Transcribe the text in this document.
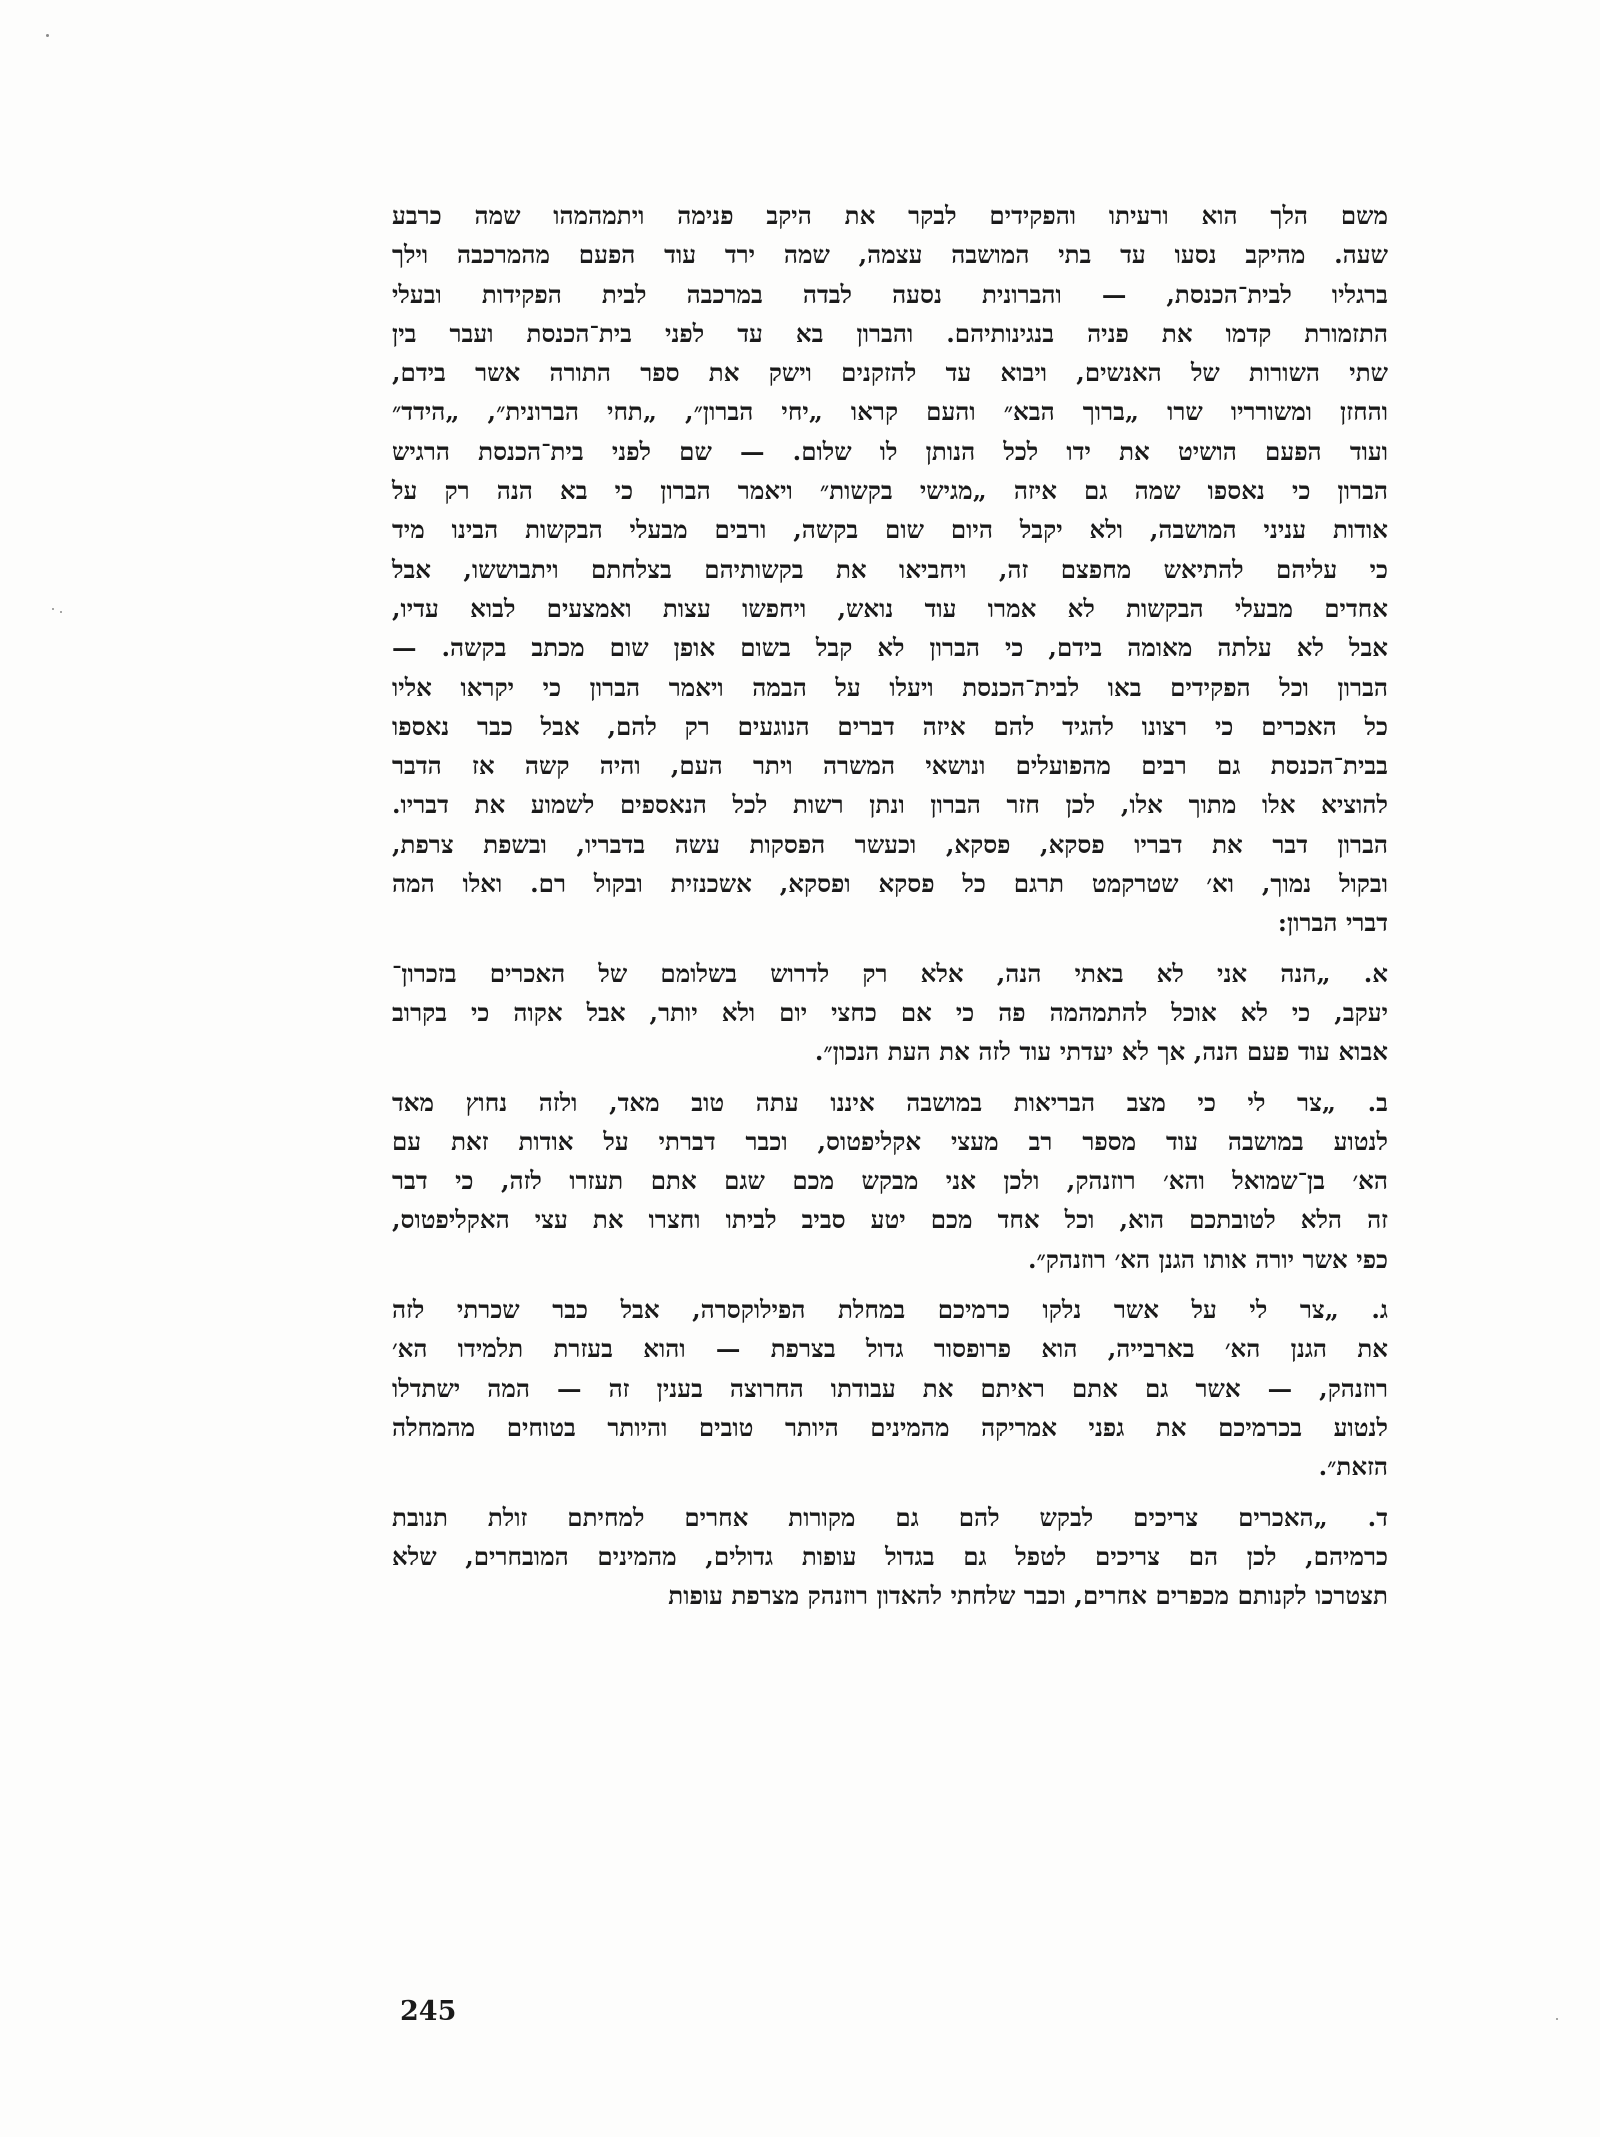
משם הלך הוא ורעיתו והפקידים לבקר את היקב פנימה ויתמהמהו שמה כרבע
שעה. מהיקב נסעו עד בתי המושבה עצמה, שמה ירד עוד הפעם מהמרכבה וילך
ברגליו לבית־הכנסת, — והברונית נסעה לבדה במרכבה לבית הפקידות ובעלי
התזמורת קדמו את פניה בנגינותיהם. והברון בא עד לפני בית־הכנסת ועבר בין
שתי השורות של האנשים, ויבוא עד להזקנים וישק את ספר התורה אשר בידם,
והחזן ומשורריו שרו „ברוך הבא״ והעם קראו „יחי הברון״, „תחי הברונית״, „הידד״
ועוד הפעם הושיט את ידו לכל הנותן לו שלום. — שם לפני בית־הכנסת הרגיש
הברון כי נאספו שמה גם איזה „מגישי בקשות״ ויאמר הברון כי בא הנה רק על
אודות עניני המושבה, ולא יקבל היום שום בקשה, ורבים מבעלי הבקשות הבינו מיד
כי עליהם להתיאש מחפצם זה, ויחביאו את בקשותיהם בצלחתם ויתבוששו, אבל
אחדים מבעלי הבקשות לא אמרו עוד נואש, ויחפשו עצות ואמצעים לבוא עדיו,
אבל לא עלתה מאומה בידם, כי הברון לא קבל בשום אופן שום מכתב בקשה. —
הברון וכל הפקידים באו לבית־הכנסת ויעלו על הבמה ויאמר הברון כי יקראו אליו
כל האכרים כי רצונו להגיד להם איזה דברים הנוגעים רק להם, אבל כבר נאספו
בבית־הכנסת גם רבים מהפועלים ונושאי המשרה ויתר העם, והיה קשה אז הדבר
להוציא אלו מתוך אלו, לכן חזר הברון ונתן רשות לכל הנאספים לשמוע את דבריו.
הברון דבר את דבריו פסקא, פסקא, וכעשר הפסקות עשה בדבריו, ובשפת צרפת,
ובקול נמוך, וא׳ שטרקמט תרגם כל פסקא ופסקא, אשכנזית ובקול רם. ואלו המה
דברי הברון:

א. „הנה אני לא באתי הנה, אלא רק לדרוש בשלומם של האכרים בזכרון־
יעקב, כי לא אוכל להתמהמה פה כי אם כחצי יום ולא יותר, אבל אקוה כי בקרוב
אבוא עוד פעם הנה, אך לא יעדתי עוד לזה את העת הנכון״.

ב. „צר לי כי מצב הבריאות במושבה איננו עתה טוב מאד, ולזה נחוץ מאד
לנטוע במושבה עוד מספר רב מעצי אקליפטוס, וכבר דברתי על אודות זאת עם
הא׳ בן־שמואל והא׳ רוזנהק, ולכן אני מבקש מכם שגם אתם תעזרו לזה, כי דבר
זה הלא לטובתכם הוא, וכל אחד מכם יטע סביב לביתו וחצרו את עצי האקליפטוס,
כפי אשר יורה אותו הגנן הא׳ רוזנהק״.

ג. „צר לי על אשר נלקו כרמיכם במחלת הפילוקסרה, אבל כבר שכרתי לזה
את הגנן הא׳ בארבייה, הוא פרופסור גדול בצרפת — והוא בעזרת תלמידו הא׳
רוזנהק, — אשר גם אתם ראיתם את עבודתו החרוצה בענין זה — המה ישתדלו
לנטוע בכרמיכם את גפני אמריקה מהמינים היותר טובים והיותר בטוחים מהמחלה
הזאת״.

ד. „האכרים צריכים לבקש להם גם מקורות אחרים למחיתם זולת תנובת
כרמיהם, לכן הם צריכים לטפל גם בגדול עופות גדולים, מהמינים המובחרים, שלא
תצטרכו לקנותם מכפרים אחרים, וכבר שלחתי להאדון רוזנהק מצרפת עופות

245
